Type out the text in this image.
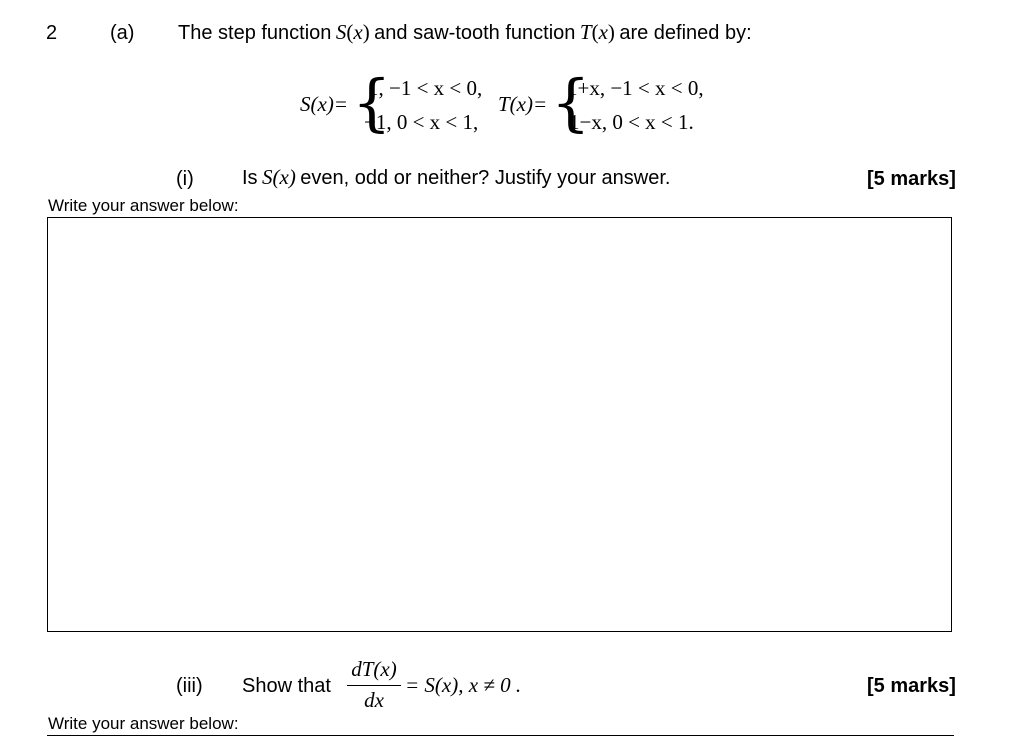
2	(a) The step function S(x) and saw-tooth function T(x) are defined by:
S(x)= {
1, −1 < x < 0,
−1, 0 < x < 1,
T(x)= {
1+x, −1 < x < 0,
1−x, 0 < x < 1.
(i) Is S(x) even, odd or neither? Justify your answer.	[5 marks]
Write your answer below:
(iii) Show that
dT(x)
dx
= S(x), x ≠ 0 .	[5 marks]
Write your answer below:
